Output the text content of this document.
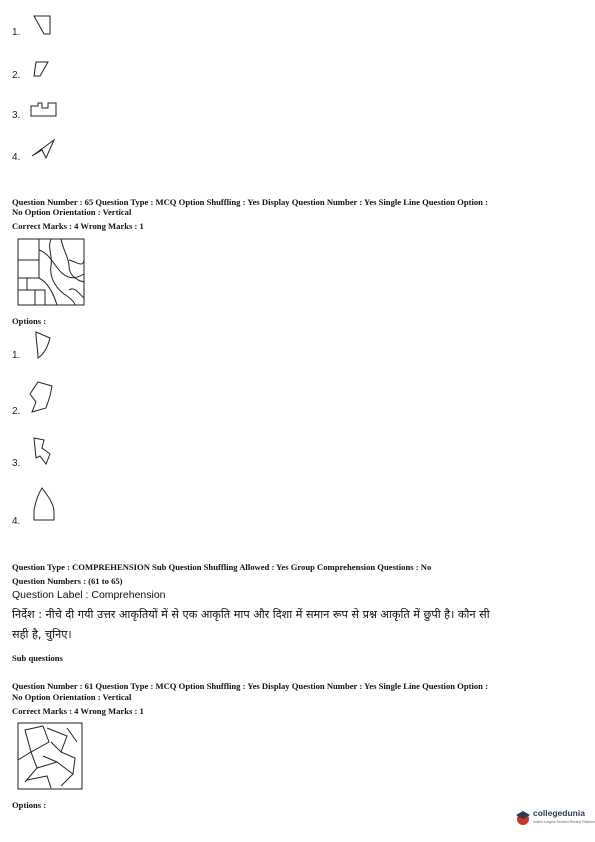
1.
2.
3.
4.
Question Number : 65 Question Type : MCQ Option Shuffling : Yes Display Question Number : Yes Single Line Question Option :
No Option Orientation : Vertical
Correct Marks : 4 Wrong Marks : 1
Options :
1.
2.
3.
4.
Question Type : COMPREHENSION Sub Question Shuffling Allowed : Yes Group Comprehension Questions : No
Question Numbers : (61 to 65)
Question Label : Comprehension
निर्देश : नीचे दी गयी उत्तर आकृतियों में से एक आकृति माप और दिशा में समान रूप से प्रश्न आकृति में छुपी है। कौन सी
सही है, चुनिए।
Sub questions
Question Number : 61 Question Type : MCQ Option Shuffling : Yes Display Question Number : Yes Single Line Question Option :
No Option Orientation : Vertical
Correct Marks : 4 Wrong Marks : 1
Options :
collegedunia
India's Largest Student Review Platform
